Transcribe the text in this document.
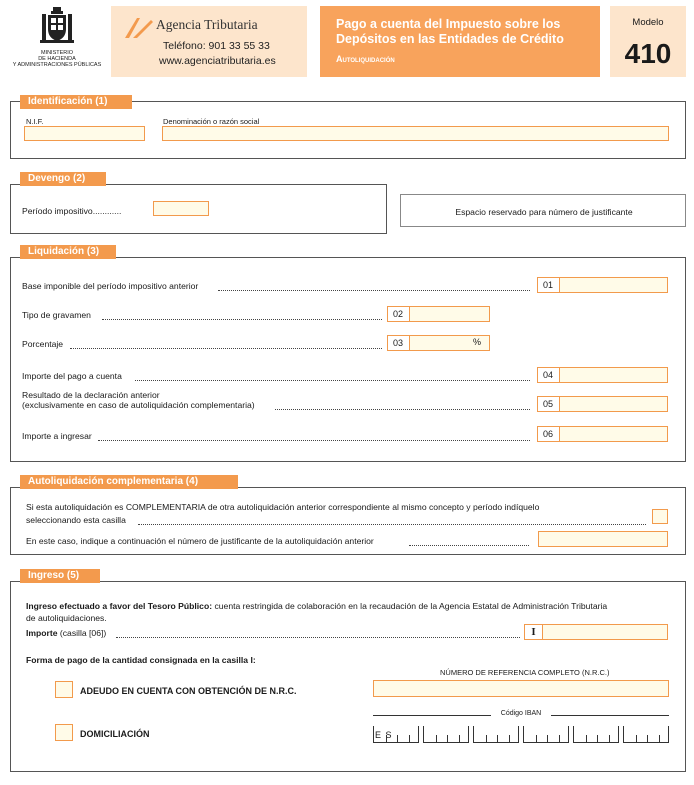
MINISTERIO
DE HACIENDA
Y ADMINISTRACIONES PÚBLICAS
Agencia Tributaria
Teléfono: 901 33 55 33
www.agenciatributaria.es
Pago a cuenta del Impuesto sobre los
Depósitos en las Entidades de Crédito
Autoliquidación
Modelo
410
Identificación (1)
N.I.F.	Denominación o razón social
Devengo (2)
Período impositivo............	Espacio reservado para número de justificante
Liquidación (3)
Base imponible del período impositivo anterior	01
Tipo de gravamen	02
Porcentaje	03	%
Importe del pago a cuenta	04
Resultado de la declaración anterior
(exclusivamente en caso de autoliquidación complementaria)	05
Importe a ingresar	06
Autoliquidación complementaria (4)
Si esta autoliquidación es COMPLEMENTARIA de otra autoliquidación anterior correspondiente al mismo concepto y período indíquelo
seleccionando esta casilla
En este caso, indique a continuación el número de justificante de la autoliquidación anterior
Ingreso (5)
Ingreso efectuado a favor del Tesoro Público: cuenta restringida de colaboración en la recaudación de la Agencia Estatal de Administración Tributaria
de autoliquidaciones.
Importe (casilla [06])	I
Forma de pago de la cantidad consignada en la casilla I:
NÚMERO DE REFERENCIA COMPLETO (N.R.C.)
ADEUDO EN CUENTA CON OBTENCIÓN DE N.R.C.
Código IBAN
DOMICILIACIÓN	E S
